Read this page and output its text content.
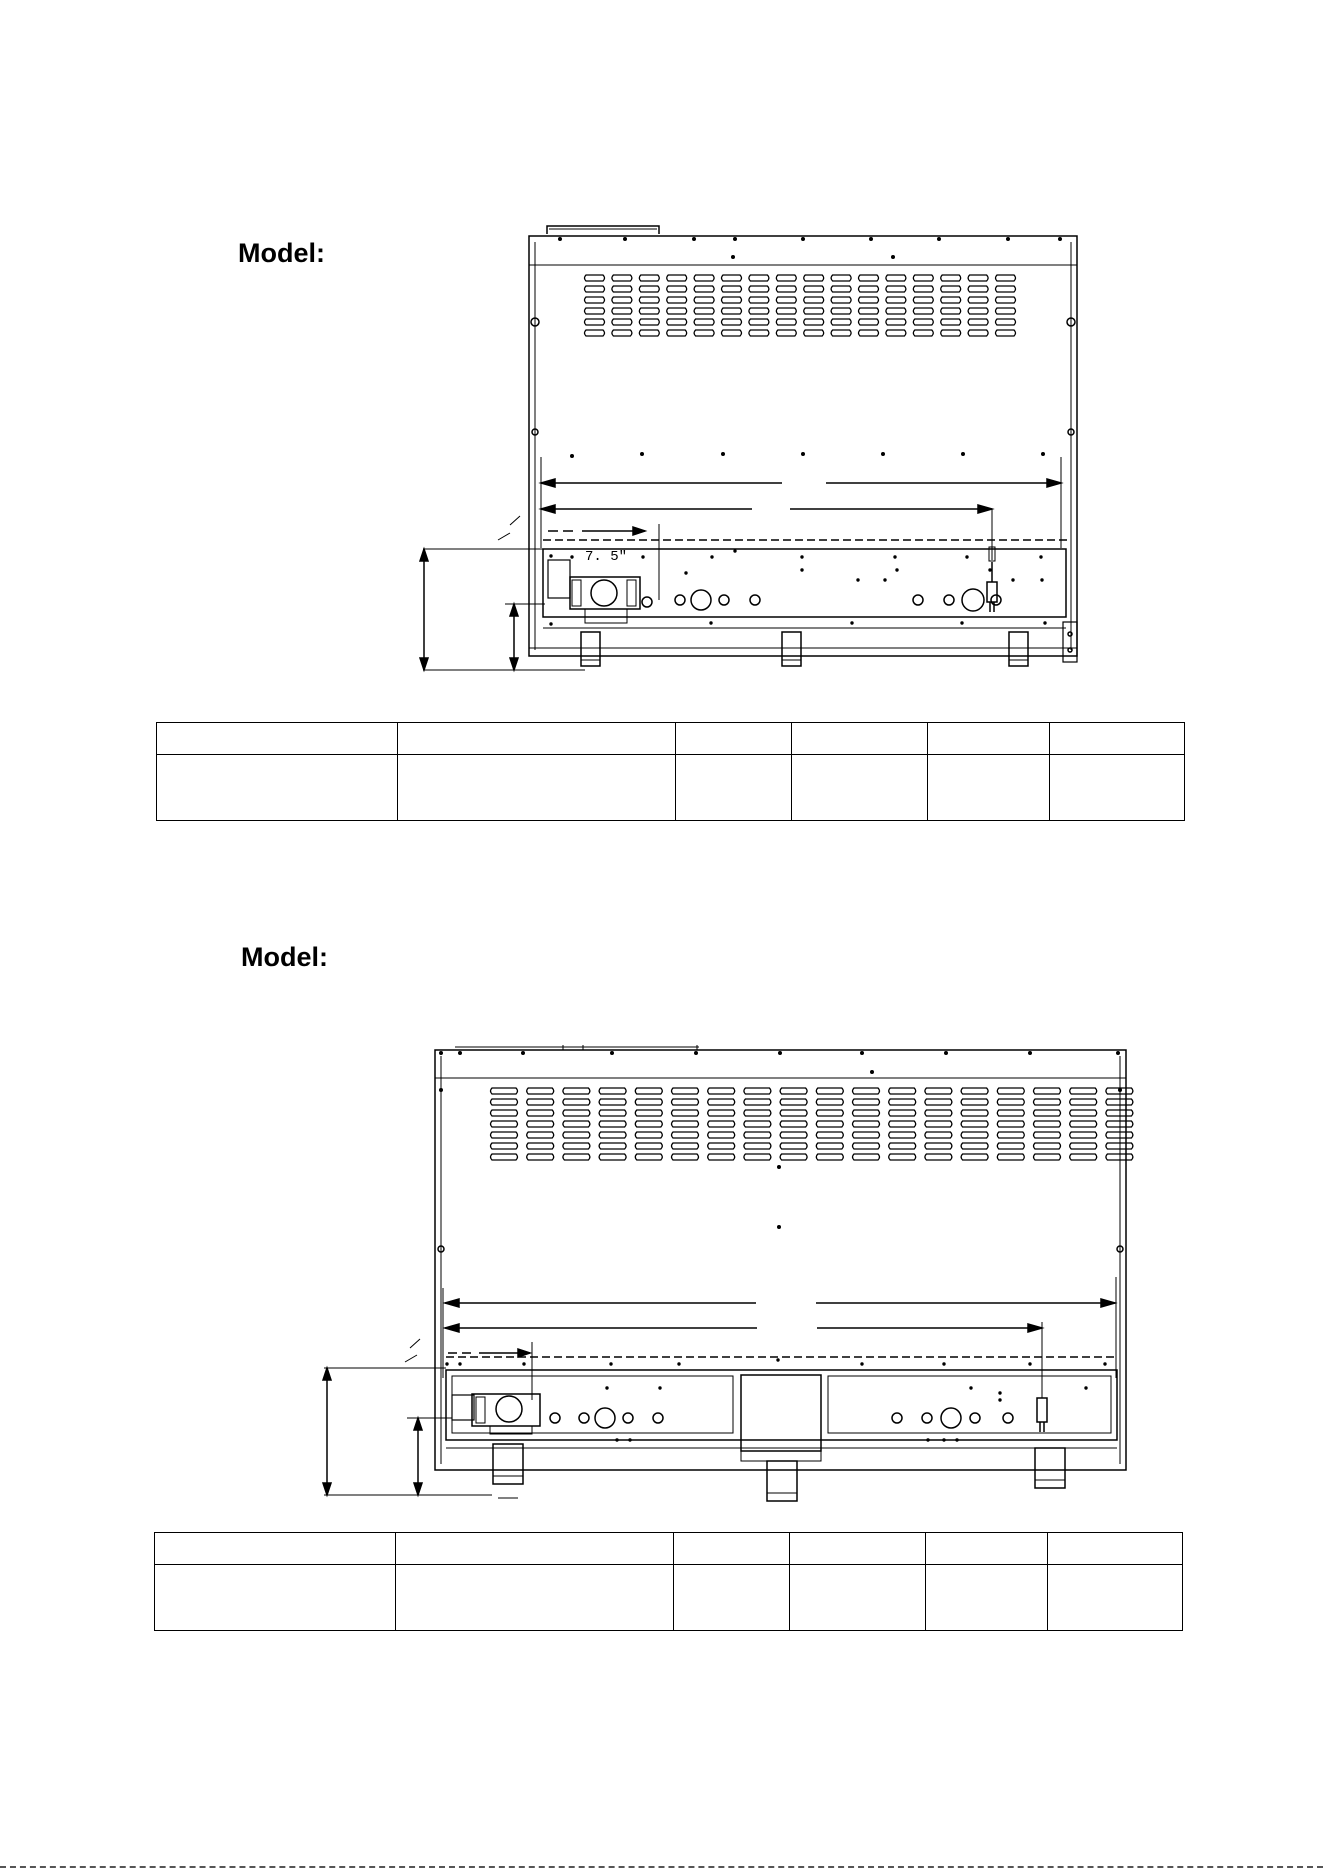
Model:
7. 5"

Model:
